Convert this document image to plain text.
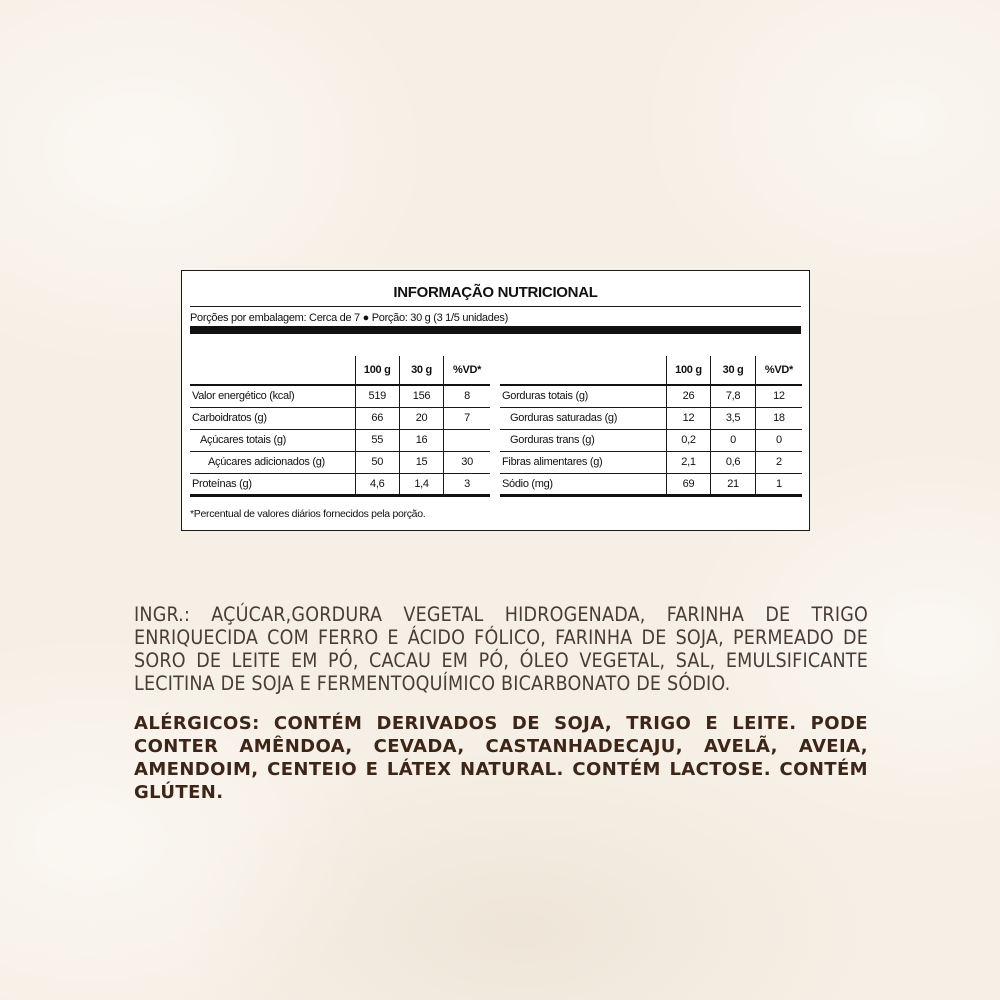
INFORMAÇÃO NUTRICIONAL
Porções por embalagem: Cerca de 7 ● Porção: 30 g (3 1/5 unidades)
	100 g	30 g	%VD*
Valor energético (kcal)	519	156	8
Carboidratos (g)	66	20	7
Açúcares totais (g)	55	16	
Açúcares adicionados (g)	50	15	30
Proteínas (g)	4,6	1,4	3
	100 g	30 g	%VD*
Gorduras totais (g)	26	7,8	12
Gorduras saturadas (g)	12	3,5	18
Gorduras trans (g)	0,2	0	0
Fibras alimentares (g)	2,1	0,6	2
Sódio (mg)	69	21	1
*Percentual de valores diários fornecidos pela porção.
INGR.: AÇÚCAR,GORDURA VEGETAL HIDROGENADA, FARINHA DE TRIGO ENRIQUECIDA COM FERRO E ÁCIDO FÓLICO, FARINHA DE SOJA, PERMEADO DE SORO DE LEITE EM PÓ, CACAU EM PÓ, ÓLEO VEGETAL, SAL, EMULSIFICANTE LECITINA DE SOJA E FERMENTOQUÍMICO BICARBONATO DE SÓDIO.
ALÉRGICOS: CONTÉM DERIVADOS DE SOJA, TRIGO E LEITE. PODE CONTER AMÊNDOA, CEVADA, CASTANHADECAJU, AVELÃ, AVEIA, AMENDOIM, CENTEIO E LÁTEX NATURAL. CONTÉM LACTOSE. CONTÉM GLÚTEN.
